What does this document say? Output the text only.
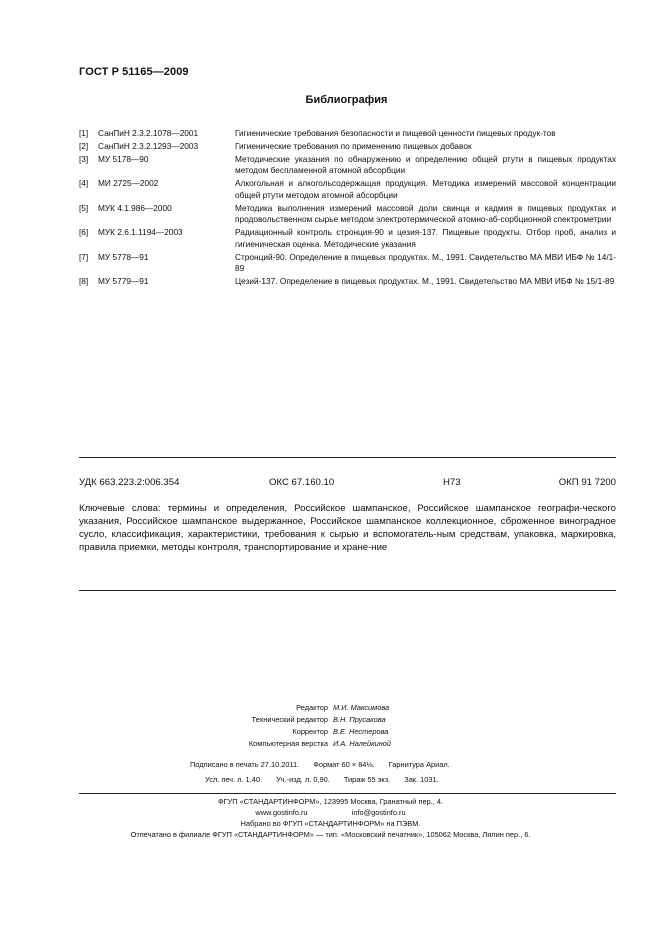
ГОСТ Р 51165—2009
Библиография
[1]	СанПиН 2.3.2.1078—2001	Гигиенические требования безопасности и пищевой ценности пищевых продук-тов
[2]	СанПиН 2.3.2.1293—2003	Гигиенические требования по применению пищевых добавок
[3]	МУ 5178—90	Методические указания по обнаружению и определению общей ртути в пищевых продуктах методом беспламенной атомной абсорбции
[4]	МИ 2725—2002	Алкогольная и алкогольсодержащая продукция. Методика измерений массовой концентрации общей ртути методом атомной абсорбции
[5]	МУК 4.1.986—2000	Методика выполнения измерений массовой доли свинца и кадмия в пищевых продуктах и продовольственном сырье методом электротермической атомно-аб-сорбционной спектрометрии
[6]	МУК 2.6.1.1194—2003	Радиационный контроль стронция-90 и цезия-137. Пищевые продукты. Отбор проб, анализ и гигиеническая оценка. Методические указания
[7]	МУ 5778—91	Стронций-90. Определение в пищевых продуктах. М., 1991. Свидетельство МА МВИ ИБФ № 14/1-89
[8]	МУ 5779—91	Цезий-137. Определение в пищевых продуктах. М., 1991. Свидетельство МА МВИ ИБФ № 15/1-89
УДК 663.223.2:006.354	ОКС 67.160.10	Н73	ОКП 91 7200
Ключевые слова: термины и определения, Российское шампанское, Российское шампанское географи-ческого указания, Российское шампанское выдержанное, Российское шампанское коллекционное, сброженное виноградное сусло, классификация, характеристики, требования к сырью и вспомогатель-ным средствам, упаковка, маркировка, правила приемки, методы контроля, транспортирование и хране-ние
Редактор М.И. Максимова
Технический редактор В.Н. Прусакова
Корректор В.Е. Нестерова
Компьютерная верстка И.А. Налейкиной
Подписано в печать 27.10.2011. Формат 60 × 84⅛. Гарнитура Ариал.
Усл. печ. л. 1,40. Уч.-изд. л. 0,90. Тираж 55 экз. Зак. 1031.
ФГУП «СТАНДАРТИНФОРМ», 123995 Москва, Гранатный пер., 4.
www.gostinfo.ru	info@gostinfo.ru
Набрано во ФГУП «СТАНДАРТИНФОРМ» на ПЭВМ.
Отпечатано в филиале ФГУП «СТАНДАРТИНФОРМ» — тип. «Московский печатник», 105062 Москва, Лялин пер., 6.
